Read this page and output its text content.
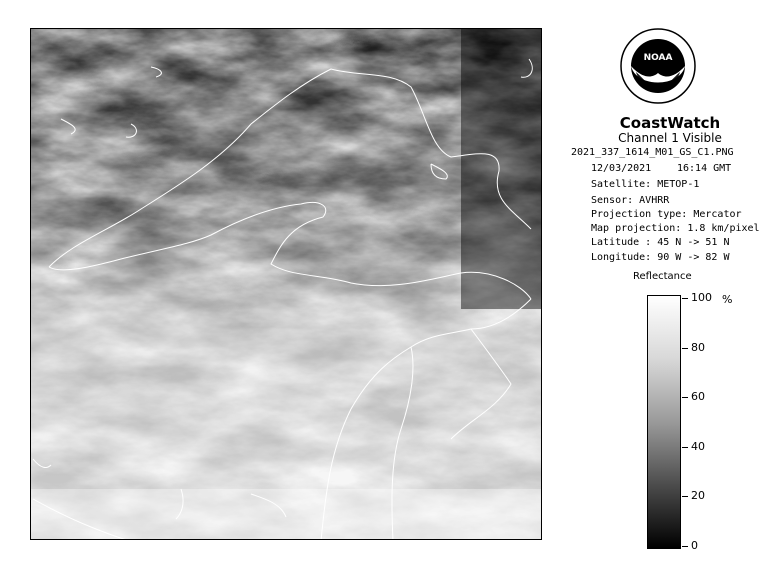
NOAA
CoastWatch
Channel 1 Visible
2021_337_1614_M01_GS_C1.PNG
12/03/2021	16:14 GMT
Satellite: METOP-1
Sensor: AVHRR
Projection type: Mercator
Map projection: 1.8 km/pixel
Latitude : 45 N -> 51 N
Longitude: 90 W -> 82 W
Reflectance
%
100
80
60
40
20
0
